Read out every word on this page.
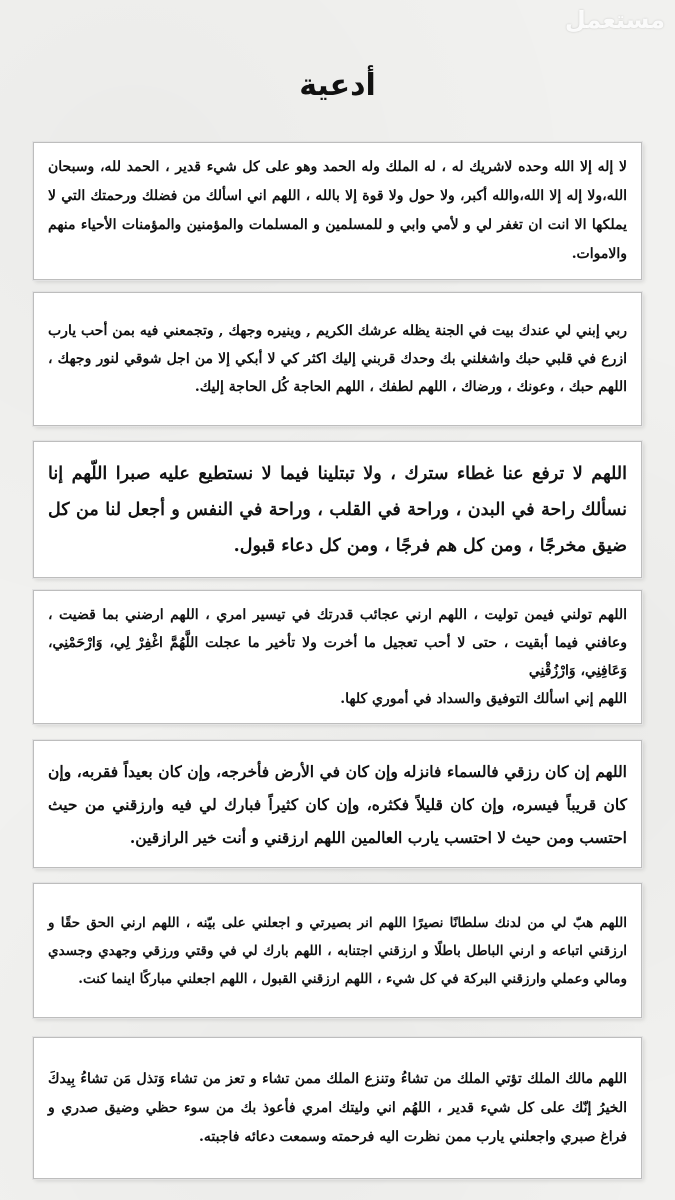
مستعمل
أدعية

لا إله إلا الله وحده لاشريك له ، له الملك وله الحمد وهو على كل شيء قدير ، الحمد لله، وسبحان الله،ولا إله إلا الله،والله أكبر، ولا حول ولا قوة إلا بالله ، اللهم اني اسألك من فضلك ورحمتك التي لا يملكها الا انت ان تغفر لي و لأمي وابي و للمسلمين و المسلمات والمؤمنين والمؤمنات الأحياء منهم والاموات.

ربي إبني لي عندك بيت في الجنة يظله عرشك الكريم , وينيره وجهك , وتجمعني فيه بمن أحب يارب ازرع في قلبي حبك واشغلني بك وحدك قربني إليك اكثر كي لا أبكي إلا من اجل شوقي لنور وجهك ، اللهم حبك ، وعونك ، ورضاك ، اللهم لطفك ، اللهم الحاجة كُل الحاجة إليك.

اللهم لا ترفع عنا غطاء سترك ، ولا تبتلينا فيما لا نستطيع عليه صبرا اللّهم إنا نسألك راحة في البدن ، وراحة في القلب ، وراحة في النفس و أجعل لنا من كل ضيق مخرجًا ، ومن كل هم فرجًا ، ومن كل دعاء قبول.

اللهم تولني فيمن توليت ، اللهم ارني عجائب قدرتك في تيسير امري ، اللهم ارضني بما قضيت ، وعافني فيما أبقيت ، حتى لا أحب تعجيل ما أخرت ولا تأخير ما عجلت اللَّهُمَّ اغْفِرْ لِي، وَارْحَمْنِي، وَعَافِنِي، وَارْزُقْنِي
اللهم إني اسألك التوفيق والسداد في أموري كلها.

اللهم إن كان رزقي فالسماء فانزله وإن كان في الأرض فأخرجه، وإن كان بعيداً فقربه، وإن كان قريباً فيسره، وإن كان قليلاً فكثره، وإن كان كثيراً فبارك لي فيه وارزقني من حيث احتسب ومن حيث لا احتسب يارب العالمين اللهم ارزقني و أنت خير الرازقين.

اللهم هبّ لي من لدنك سلطانًا نصيرًا اللهم انر بصيرتي و اجعلني على بيّنه ، اللهم ارني الحق حقًا و ارزقني اتباعه و ارني الباطل باطلًا و ارزقني اجتنابه ، اللهم بارك لي في وقتي ورزقي وجهدي وجسدي ومالي وعملي وارزقني البركة في كل شيء ، اللهم ارزقني القبول ، اللهم اجعلني مباركًا اينما كنت.

اللهم مالك الملك تؤتي الملك من تشاءُ وتنزع الملك ممن تشاء و تعز من تشاء وَتذل مَن تشاءُ بِيدكَ الخيرُ إنّك على كل شيء قدير ، اللهُم اني وليتك امري فأعوذ بك من سوء حظي وضيق صدري و فراغ صبري واجعلني يارب ممن نظرت اليه فرحمته وسمعت دعائه فاجبته.
